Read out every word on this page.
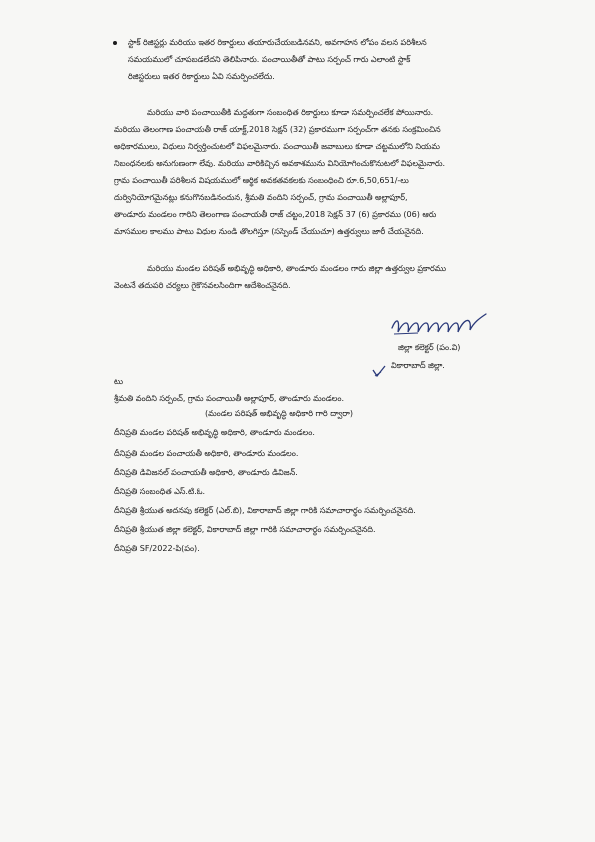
స్టాక్ రిజిస్టర్లు మరియు ఇతర రికార్డులు తయారుచేయబడినవని, అవగాహన లోపం వలన పరిశీలన
సమయములో చూపబడలేదని తెలిపినారు. పంచాయితీతో పాటు సర్పంచ్ గారు ఎలాంటి స్టాక్
రిజిస్టరులు ఇతర రికార్డులు ఏవి సమర్పించలేదు.
మరియు వారి పంచాయితీకి మద్దతుగా సంబంధిత రికార్డులు కూడా సమర్పించలేక పోయినారు.
మరియు తెలంగాణ పంచాయతీ రాజ్ యాక్ట్,2018 సెక్షన్ (32) ప్రకారముగా సర్పంచ్‌గా తనకు సంక్రమించిన
అధికారములు, విధులు నిర్వర్తించుటలో విఫలమైనారు. పంచాయితీ జవాబులు కూడా చట్టములోని నియమ
నిబంధనలకు అనుగుణంగా లేవు. మరియు వారికిచ్చిన అవకాశమును వినియోగించుకొనుటలో విఫలమైనారు.
గ్రామ పంచాయితీ పరిశీలన విషయములో ఆర్థిక అవకతవకలకు సంబంధించి రూ.6,50,651/-లు
దుర్వినియోగమైనట్లు కనుగొనబడినందున, శ్రీమతి వందిని సర్పంచ్, గ్రామ పంచాయితీ అల్లాపూర్,
తాండూరు మండలం గారిని తెలంగాణ పంచాయతీ రాజ్ చట్టం,2018 సెక్షన్ 37 (6) ప్రకారము (06) ఆరు
మాసముల కాలము పాటు విధుల నుండి తొలగిస్తూ (సస్పెండ్ చేయుచూ) ఉత్తర్వులు జారీ చేయనైనది.
మరియు మండల పరిషత్ అభివృద్ధి అధికారి, తాండూరు మండలం గారు జిల్లా ఉత్తర్వుల ప్రకారము
వెంటనే తదుపరి చర్యలు గైకొనవలసిందిగా ఆదేశించనైనది.
జిల్లా కలెక్టర్ (పం.వి)
వికారాబాద్ జిల్లా.
టు
శ్రీమతి వందిని సర్పంచ్, గ్రామ పంచాయితీ అల్లాపూర్, తాండూరు మండలం.
(మండల పరిషత్ అభివృద్ధి అధికారి గారి ద్వారా)
దీనిప్రతి మండల పరిషత్ అభివృద్ధి అధికారి, తాండూరు మండలం.
దీనిప్రతి మండల పంచాయతీ అధికారి, తాండూరు మండలం.
దీనిప్రతి డివిజనల్ పంచాయతీ అధికారి, తాండూరు డివిజన్.
దీనిప్రతి సంబంధిత ఎస్.టి.ఓ.
దీనిప్రతి శ్రీయుత అదనపు కలెక్టర్ (ఎల్.బి), వికారాబాద్ జిల్లా గారికి సమాచారార్థం సమర్పించనైనది.
దీనిప్రతి శ్రీయుత జిల్లా కలెక్టర్, వికారాబాద్ జిల్లా గారికి సమాచారార్థం సమర్పించనైనది.
దీనిప్రతి SF/2022-పి(పం).
